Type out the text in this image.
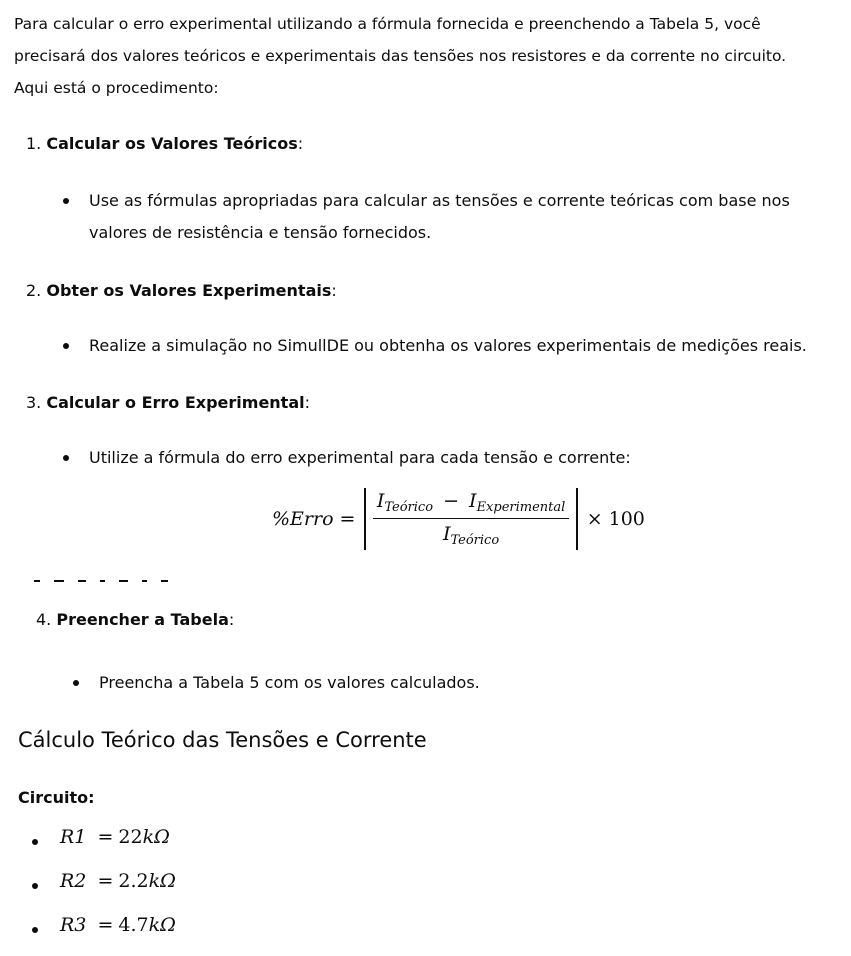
Para calcular o erro experimental utilizando a fórmula fornecida e preenchendo a Tabela 5, você
precisará dos valores teóricos e experimentais das tensões nos resistores e da corrente no circuito.
Aqui está o procedimento:
1. Calcular os Valores Teóricos:
Use as fórmulas apropriadas para calcular as tensões e corrente teóricas com base nos
valores de resistência e tensão fornecidos.
2. Obter os Valores Experimentais:
Realize a simulação no SimullDE ou obtenha os valores experimentais de medições reais.
3. Calcular o Erro Experimental:
Utilize a fórmula do erro experimental para cada tensão e corrente:
%Erro = $\frac{I_{Teórico} - I_{Experimental}}{I_{Teórico}} \times 100$
4. Preencher a Tabela:
Preencha a Tabela 5 com os valores calculados.
Cálculo Teórico das Tensões e Corrente
Circuito:
R1 = 22kΩ
R2 = 2.2kΩ
R3 = 4.7kΩ
